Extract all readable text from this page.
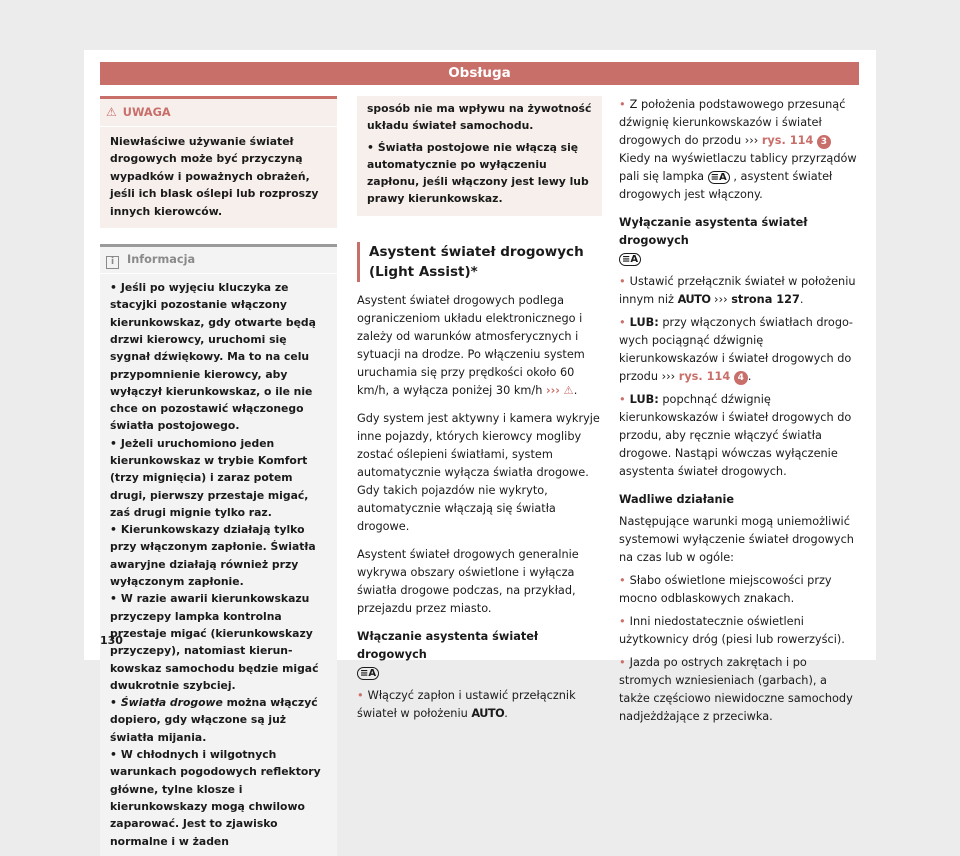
Obsługa
⚠ UWAGA

Niewłaściwe używanie świateł drogowych może być przyczyną wypadków i poważnych obrażeń, jeśli ich blask oślepi lub rozproszy innych kierowców.

i Informacja

• Jeśli po wyjęciu kluczyka ze stacyjki pozostanie włączony kierunkowskaz, gdy otwarte będą drzwi kierowcy, uruchomi się sygnał dźwiękowy. Ma to na celu przypomnienie kierowcy, aby wyłączył kierunkowskaz, o ile nie chce on pozostawić włączonego światła postojowego.

• Jeżeli uruchomiono jeden kierunkowskaz w trybie Komfort (trzy mignięcia) i zaraz potem drugi, pierwszy przestaje migać, zaś drugi mignie tylko raz.

• Kierunkowskazy działają tylko przy włączonym zapłonie. Światła awaryjne działają również przy wyłączonym zapłonie.

• W razie awarii kierunkowskazu przyczepy lampka kontrolna przestaje migać (kierunkowskazy przyczepy), natomiast kierunkowskaz samochodu będzie migać dwukrotnie szybciej.

• Światła drogowe można włączyć dopiero, gdy włączone są już światła mijania.

• W chłodnych i wilgotnych warunkach pogodowych reflektory główne, tylne klosze i kierunkowskazy mogą chwilowo zaparować. Jest to zjawisko normalne i w żaden

sposób nie ma wpływu na żywotność układu świateł samochodu.

• Światła postojowe nie włączą się automatycznie po wyłączeniu zapłonu, jeśli włączony jest lewy lub prawy kierunkowskaz.

Asystent świateł drogowych (Light Assist)*

Asystent świateł drogowych podlega ograniczeniom układu elektronicznego i zależy od warunków atmosferycznych i sytuacji na drodze. Po włączeniu system uruchamia się przy prędkości około 60 km/h, a wyłącza poniżej 30 km/h ››› ⚠.

Gdy system jest aktywny i kamera wykryje inne pojazdy, których kierowcy mogliby zostać oślepieni światłami, system automatycznie wyłącza światła drogowe. Gdy takich pojazdów nie wykryto, automatycznie włączają się światła drogowe.

Asystent świateł drogowych generalnie wykrywa obszary oświetlone i wyłącza światła drogowe podczas, na przykład, przejazdu przez miasto.

Włączanie asystenta świateł drogowych
≡A

• Włączyć zapłon i ustawić przełącznik świateł w położeniu AUTO.

• Z położenia podstawowego przesunąć dźwignię kierunkowskazów i świateł drogowych do przodu ››› rys. 114 3 Kiedy na wyświetlaczu tablicy przyrządów pali się lampka ≡A , asystent świateł drogowych jest włączony.

Wyłączanie asystenta świateł drogowych
≡A

• Ustawić przełącznik świateł w położeniu innym niż AUTO ››› strona 127.

• LUB: przy włączonych światłach drogowych pociągnąć dźwignię kierunkowskazów i świateł drogowych do przodu ››› rys. 114 4 .

• LUB: popchnąć dźwignię kierunkowskazów i świateł drogowych do przodu, aby ręcznie włączyć światła drogowe. Nastąpi wówczas wyłączenie asystenta świateł drogowych.

Wadliwe działanie

Następujące warunki mogą uniemożliwić systemowi wyłączenie świateł drogowych na czas lub w ogóle:

• Słabo oświetlone miejscowości przy mocno odblaskowych znakach.

• Inni niedostatecznie oświetleni użytkownicy dróg (piesi lub rowerzyści).

• Jazda po ostrych zakrętach i po stromych wzniesieniach (garbach), a także częściowo niewidoczne samochody nadjeżdżające z przeciwka.

130
